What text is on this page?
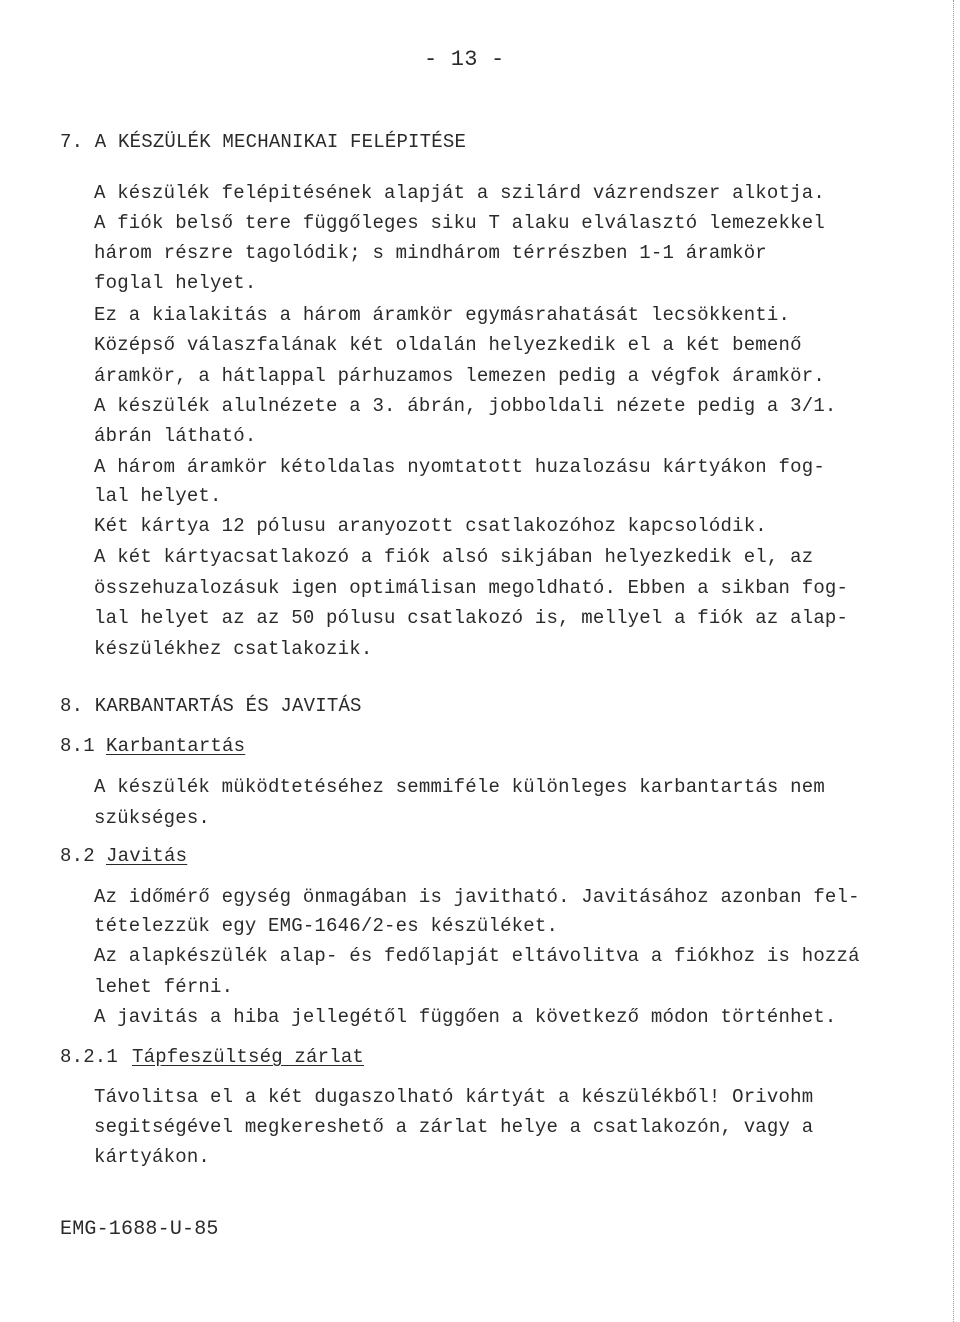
- 13 -
7. A KÉSZÜLÉK MECHANIKAI FELÉPITÉSE
A készülék felépitésének alapját a szilárd vázrendszer alkotja.
A fiók belső tere függőleges siku T alaku elválasztó lemezekkel
három részre tagolódik; s mindhárom térrészben 1-1 áramkör
foglal helyet.
Ez a kialakitás a három áramkör egymásrahatását lecsökkenti.
Középső válaszfalának két oldalán helyezkedik el a két bemenő
áramkör, a hátlappal párhuzamos lemezen pedig a végfok áramkör.
A készülék alulnézete a 3. ábrán, jobboldali nézete pedig a 3/1.
ábrán látható.
A három áramkör kétoldalas nyomtatott huzalozásu kártyákon fog-
lal helyet.
Két kártya 12 pólusu aranyozott csatlakozóhoz kapcsolódik.
A két kártyacsatlakozó a fiók alsó sikjában helyezkedik el, az
összehuzalozásuk igen optimálisan megoldható. Ebben a sikban fog-
lal helyet az az 50 pólusu csatlakozó is, mellyel a fiók az alap-
készülékhez csatlakozik.
8. KARBANTARTÁS ÉS JAVITÁS
8.1 Karbantartás
A készülék müködtetéséhez semmiféle különleges karbantartás nem
szükséges.
8.2 Javitás
Az időmérő egység önmagában is javitható. Javitásához azonban fel-
tételezzük egy EMG-1646/2-es készüléket.
Az alapkészülék alap- és fedőlapját eltávolitva a fiókhoz is hozzá
lehet férni.
A javitás a hiba jellegétől függően a következő módon történhet.
8.2.1 Tápfeszültség zárlat
Távolitsa el a két dugaszolható kártyát a készülékből! Orivohm
segitségével megkereshető a zárlat helye a csatlakozón, vagy a
kártyákon.
EMG-1688-U-85
